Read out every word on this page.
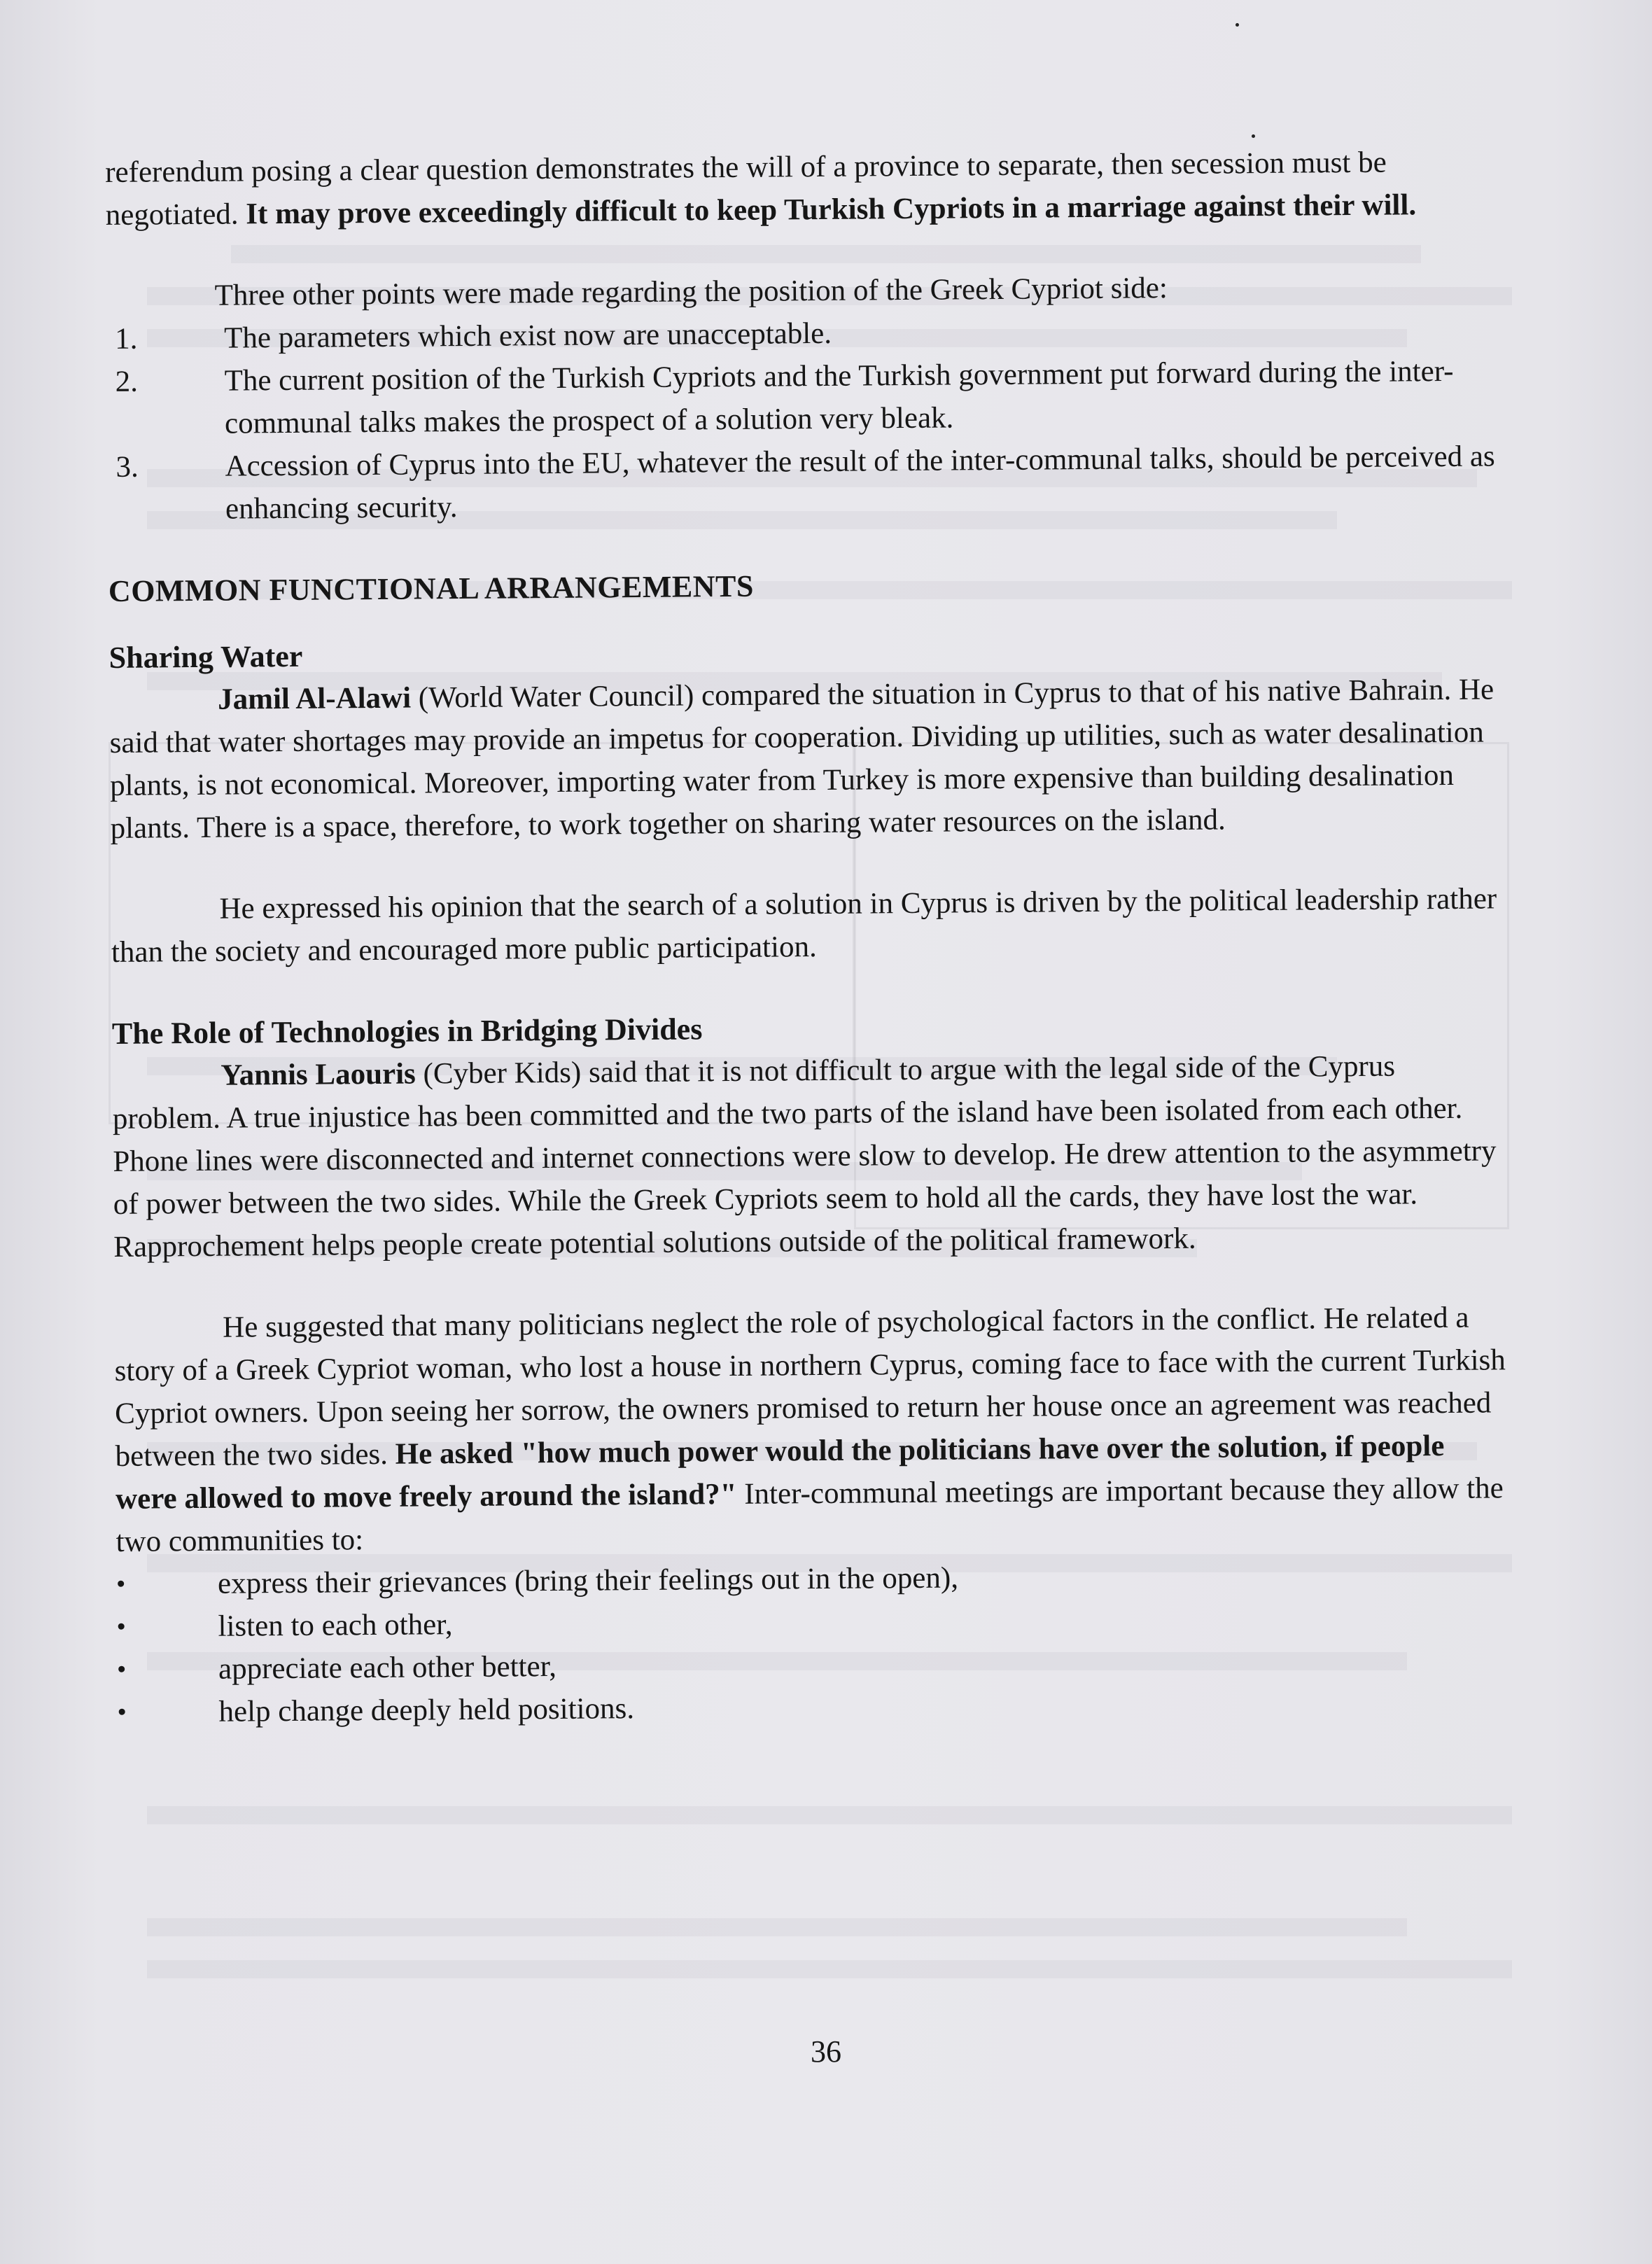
referendum posing a clear question demonstrates the will of a province to separate, then secession must be negotiated. It may prove exceedingly difficult to keep Turkish Cypriots in a marriage against their will.

Three other points were made regarding the position of the Greek Cypriot side:

1.	The parameters which exist now are unacceptable.
2.	The current position of the Turkish Cypriots and the Turkish government put forward during the inter-communal talks makes the prospect of a solution very bleak.
3.	Accession of Cyprus into the EU, whatever the result of the inter-communal talks, should be perceived as enhancing security.

COMMON FUNCTIONAL ARRANGEMENTS

Sharing Water

Jamil Al-Alawi (World Water Council) compared the situation in Cyprus to that of his native Bahrain. He said that water shortages may provide an impetus for cooperation. Dividing up utilities, such as water desalination plants, is not economical. Moreover, importing water from Turkey is more expensive than building desalination plants. There is a space, therefore, to work together on sharing water resources on the island.

He expressed his opinion that the search of a solution in Cyprus is driven by the political leadership rather than the society and encouraged more public participation.

The Role of Technologies in Bridging Divides

Yannis Laouris (Cyber Kids) said that it is not difficult to argue with the legal side of the Cyprus problem. A true injustice has been committed and the two parts of the island have been isolated from each other. Phone lines were disconnected and internet connections were slow to develop. He drew attention to the asymmetry of power between the two sides. While the Greek Cypriots seem to hold all the cards, they have lost the war. Rapprochement helps people create potential solutions outside of the political framework.

He suggested that many politicians neglect the role of psychological factors in the conflict. He related a story of a Greek Cypriot woman, who lost a house in northern Cyprus, coming face to face with the current Turkish Cypriot owners. Upon seeing her sorrow, the owners promised to return her house once an agreement was reached between the two sides. He asked "how much power would the politicians have over the solution, if people were allowed to move freely around the island?" Inter-communal meetings are important because they allow the two communities to:

•	express their grievances (bring their feelings out in the open),
•	listen to each other,
•	appreciate each other better,
•	help change deeply held positions.
36
